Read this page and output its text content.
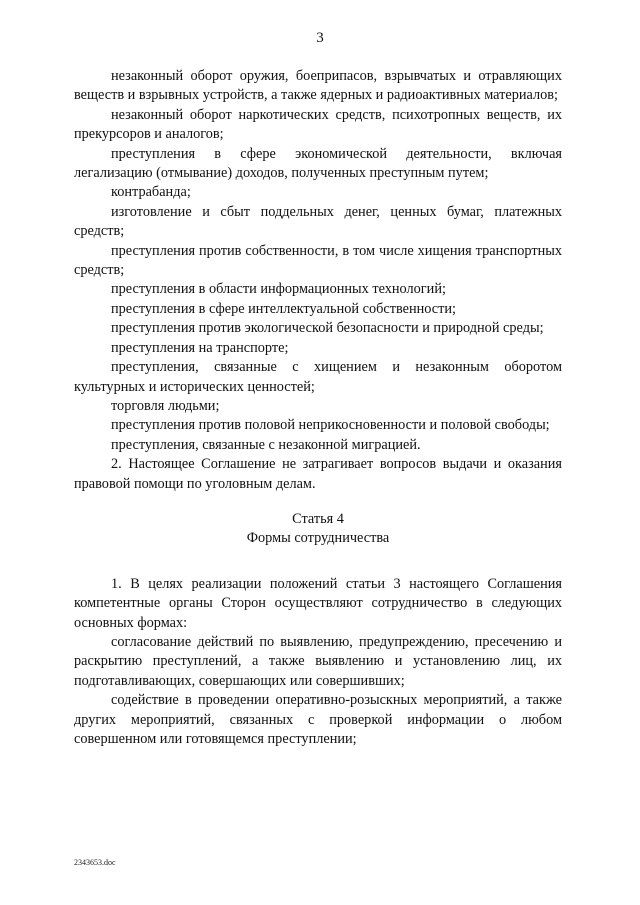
3

незаконный оборот оружия, боеприпасов, взрывчатых и отравляющих веществ и взрывных устройств, а также ядерных и радиоактивных материалов;

незаконный оборот наркотических средств, психотропных веществ, их прекурсоров и аналогов;

преступления в сфере экономической деятельности, включая легализацию (отмывание) доходов, полученных преступным путем;

контрабанда;

изготовление и сбыт поддельных денег, ценных бумаг, платежных средств;

преступления против собственности, в том числе хищения транспортных средств;

преступления в области информационных технологий;

преступления в сфере интеллектуальной собственности;

преступления против экологической безопасности и природной среды;

преступления на транспорте;

преступления, связанные с хищением и незаконным оборотом культурных и исторических ценностей;

торговля людьми;

преступления против половой неприкосновенности и половой свободы;

преступления, связанные с незаконной миграцией.

2. Настоящее Соглашение не затрагивает вопросов выдачи и оказания правовой помощи по уголовным делам.

Статья 4
Формы сотрудничества

1. В целях реализации положений статьи 3 настоящего Соглашения компетентные органы Сторон осуществляют сотрудничество в следующих основных формах:

согласование действий по выявлению, предупреждению, пресечению и раскрытию преступлений, а также выявлению и установлению лиц, их подготавливающих, совершающих или совершивших;

содействие в проведении оперативно-розыскных мероприятий, а также других мероприятий, связанных с проверкой информации о любом совершенном или готовящемся преступлении;

2343653.doc
